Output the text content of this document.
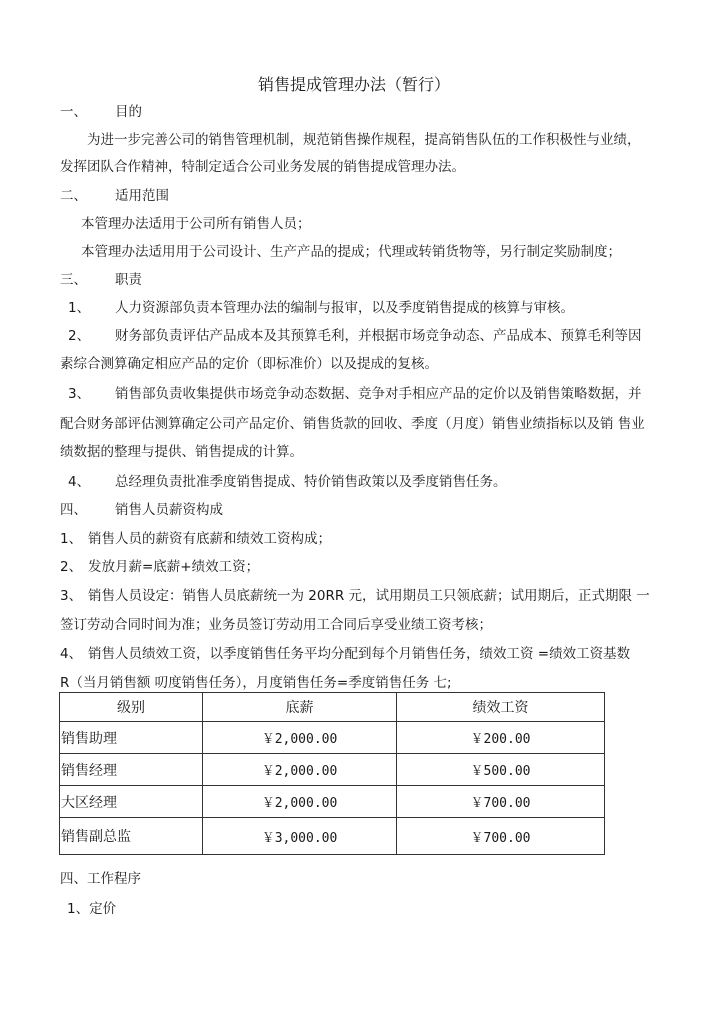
销售提成管理办法（暂行）
一、 目的
为进一步完善公司的销售管理机制，规范销售操作规程，提高销售队伍的工作积极性与业绩，
发挥团队合作精神，特制定适合公司业务发展的销售提成管理办法。
二、 适用范围
本管理办法适用于公司所有销售人员；
本管理办法适用用于公司设计、生产产品的提成；代理或转销货物等，另行制定奖励制度；
三、 职责
1、 人力资源部负责本管理办法的编制与报审，以及季度销售提成的核算与审核。
2、 财务部负责评估产品成本及其预算毛利，并根据市场竞争动态、产品成本、预算毛利等因
素综合测算确定相应产品的定价（即标准价）以及提成的复核。
3、 销售部负责收集提供市场竞争动态数据、竞争对手相应产品的定价以及销售策略数据，并
配合财务部评估测算确定公司产品定价、销售货款的回收、季度（月度）销售业绩指标以及销 售业
绩数据的整理与提供、销售提成的计算。
4、 总经理负责批准季度销售提成、特价销售政策以及季度销售任务。
四、 销售人员薪资构成
1、 销售人员的薪资有底薪和绩效工资构成；
2、 发放月薪=底薪+绩效工资；
3、 销售人员设定：销售人员底薪统一为 20RR 元，试用期员工只领底薪；试用期后，正式期限 一
签订劳动合同时间为准；业务员签订劳动用工合同后享受业绩工资考核；
4、 销售人员绩效工资，以季度销售任务平均分配到每个月销售任务，绩效工资 =绩效工资基数
R（当月销售额 叨度销售任务），月度销售任务=季度销售任务 七;
级别	底薪	绩效工资
销售助理	￥2,000.00	￥200.00
销售经理	￥2,000.00	￥500.00
大区经理	￥2,000.00	￥700.00
销售副总监	￥3,000.00	￥700.00
四、工作程序
1、定价
